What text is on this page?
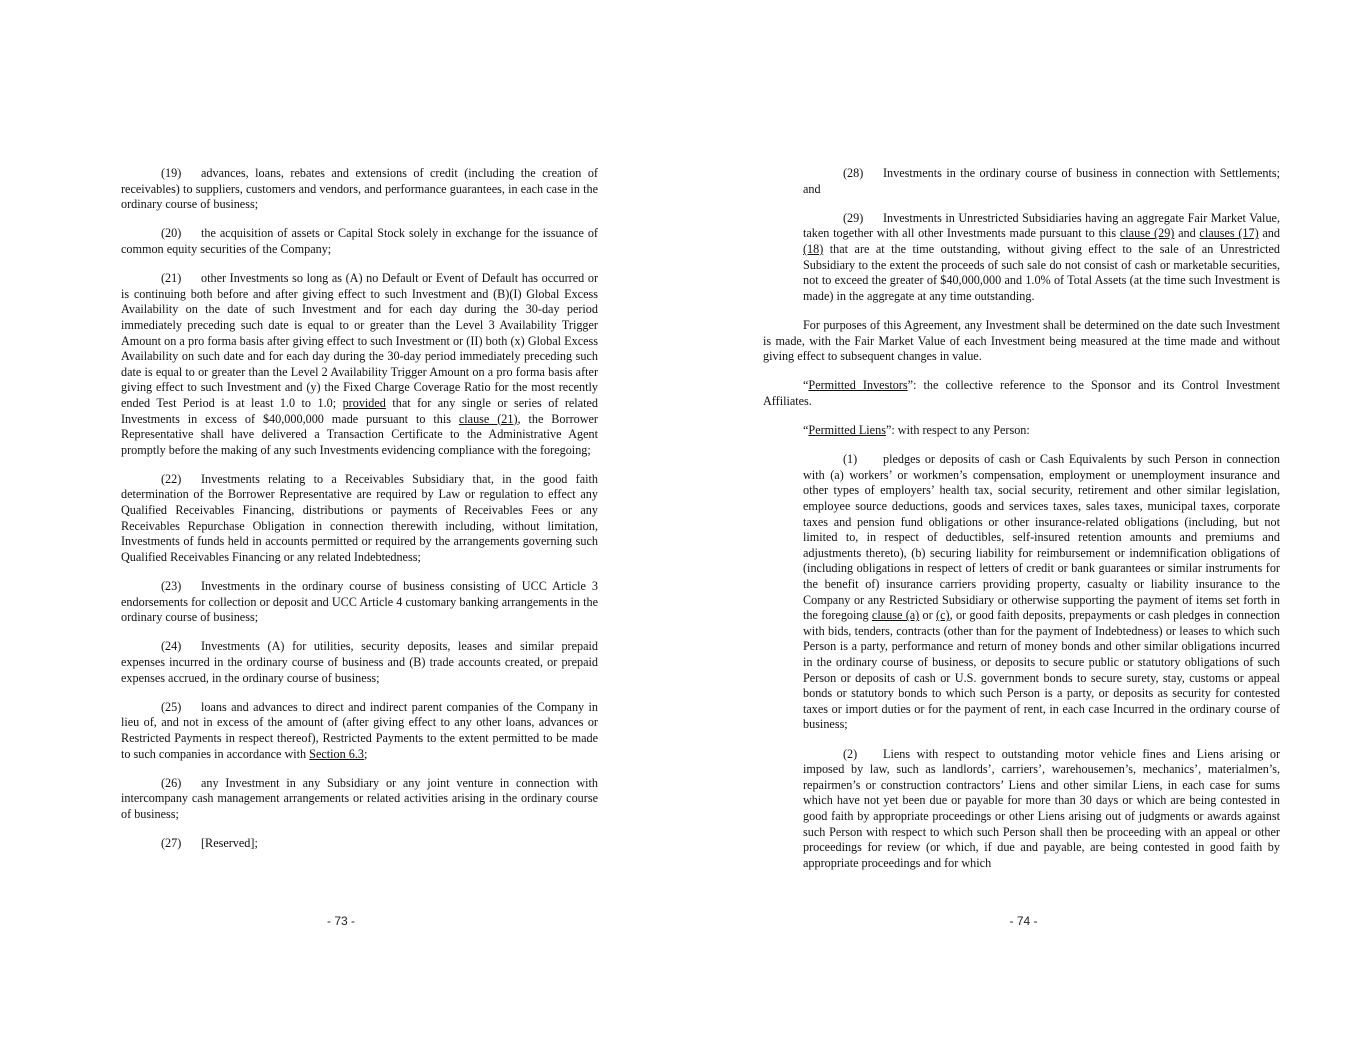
(19) advances, loans, rebates and extensions of credit (including the creation of receivables) to suppliers, customers and vendors, and performance guarantees, in each case in the ordinary course of business;

(20) the acquisition of assets or Capital Stock solely in exchange for the issuance of common equity securities of the Company;

(21) other Investments so long as (A) no Default or Event of Default has occurred or is continuing both before and after giving effect to such Investment and (B)(I) Global Excess Availability on the date of such Investment and for each day during the 30-day period immediately preceding such date is equal to or greater than the Level 3 Availability Trigger Amount on a pro forma basis after giving effect to such Investment or (II) both (x) Global Excess Availability on such date and for each day during the 30-day period immediately preceding such date is equal to or greater than the Level 2 Availability Trigger Amount on a pro forma basis after giving effect to such Investment and (y) the Fixed Charge Coverage Ratio for the most recently ended Test Period is at least 1.0 to 1.0; provided that for any single or series of related Investments in excess of $40,000,000 made pursuant to this clause (21), the Borrower Representative shall have delivered a Transaction Certificate to the Administrative Agent promptly before the making of any such Investments evidencing compliance with the foregoing;

(22) Investments relating to a Receivables Subsidiary that, in the good faith determination of the Borrower Representative are required by Law or regulation to effect any Qualified Receivables Financing, distributions or payments of Receivables Fees or any Receivables Repurchase Obligation in connection therewith including, without limitation, Investments of funds held in accounts permitted or required by the arrangements governing such Qualified Receivables Financing or any related Indebtedness;

(23) Investments in the ordinary course of business consisting of UCC Article 3 endorsements for collection or deposit and UCC Article 4 customary banking arrangements in the ordinary course of business;

(24) Investments (A) for utilities, security deposits, leases and similar prepaid expenses incurred in the ordinary course of business and (B) trade accounts created, or prepaid expenses accrued, in the ordinary course of business;

(25) loans and advances to direct and indirect parent companies of the Company in lieu of, and not in excess of the amount of (after giving effect to any other loans, advances or Restricted Payments in respect thereof), Restricted Payments to the extent permitted to be made to such companies in accordance with Section 6.3;

(26) any Investment in any Subsidiary or any joint venture in connection with intercompany cash management arrangements or related activities arising in the ordinary course of business;

(27) [Reserved];

- 73 -

(28) Investments in the ordinary course of business in connection with Settlements; and

(29) Investments in Unrestricted Subsidiaries having an aggregate Fair Market Value, taken together with all other Investments made pursuant to this clause (29) and clauses (17) and (18) that are at the time outstanding, without giving effect to the sale of an Unrestricted Subsidiary to the extent the proceeds of such sale do not consist of cash or marketable securities, not to exceed the greater of $40,000,000 and 1.0% of Total Assets (at the time such Investment is made) in the aggregate at any time outstanding.

For purposes of this Agreement, any Investment shall be determined on the date such Investment is made, with the Fair Market Value of each Investment being measured at the time made and without giving effect to subsequent changes in value.

“Permitted Investors”: the collective reference to the Sponsor and its Control Investment Affiliates.

“Permitted Liens”: with respect to any Person:

(1) pledges or deposits of cash or Cash Equivalents by such Person in connection with (a) workers’ or workmen’s compensation, employment or unemployment insurance and other types of employers’ health tax, social security, retirement and other similar legislation, employee source deductions, goods and services taxes, sales taxes, municipal taxes, corporate taxes and pension fund obligations or other insurance-related obligations (including, but not limited to, in respect of deductibles, self-insured retention amounts and premiums and adjustments thereto), (b) securing liability for reimbursement or indemnification obligations of (including obligations in respect of letters of credit or bank guarantees or similar instruments for the benefit of) insurance carriers providing property, casualty or liability insurance to the Company or any Restricted Subsidiary or otherwise supporting the payment of items set forth in the foregoing clause (a) or (c), or good faith deposits, prepayments or cash pledges in connection with bids, tenders, contracts (other than for the payment of Indebtedness) or leases to which such Person is a party, performance and return of money bonds and other similar obligations incurred in the ordinary course of business, or deposits to secure public or statutory obligations of such Person or deposits of cash or U.S. government bonds to secure surety, stay, customs or appeal bonds or statutory bonds to which such Person is a party, or deposits as security for contested taxes or import duties or for the payment of rent, in each case Incurred in the ordinary course of business;

(2) Liens with respect to outstanding motor vehicle fines and Liens arising or imposed by law, such as landlords’, carriers’, warehousemen’s, mechanics’, materialmen’s, repairmen’s or construction contractors’ Liens and other similar Liens, in each case for sums which have not yet been due or payable for more than 30 days or which are being contested in good faith by appropriate proceedings or other Liens arising out of judgments or awards against such Person with respect to which such Person shall then be proceeding with an appeal or other proceedings for review (or which, if due and payable, are being contested in good faith by appropriate proceedings and for which

- 74 -
